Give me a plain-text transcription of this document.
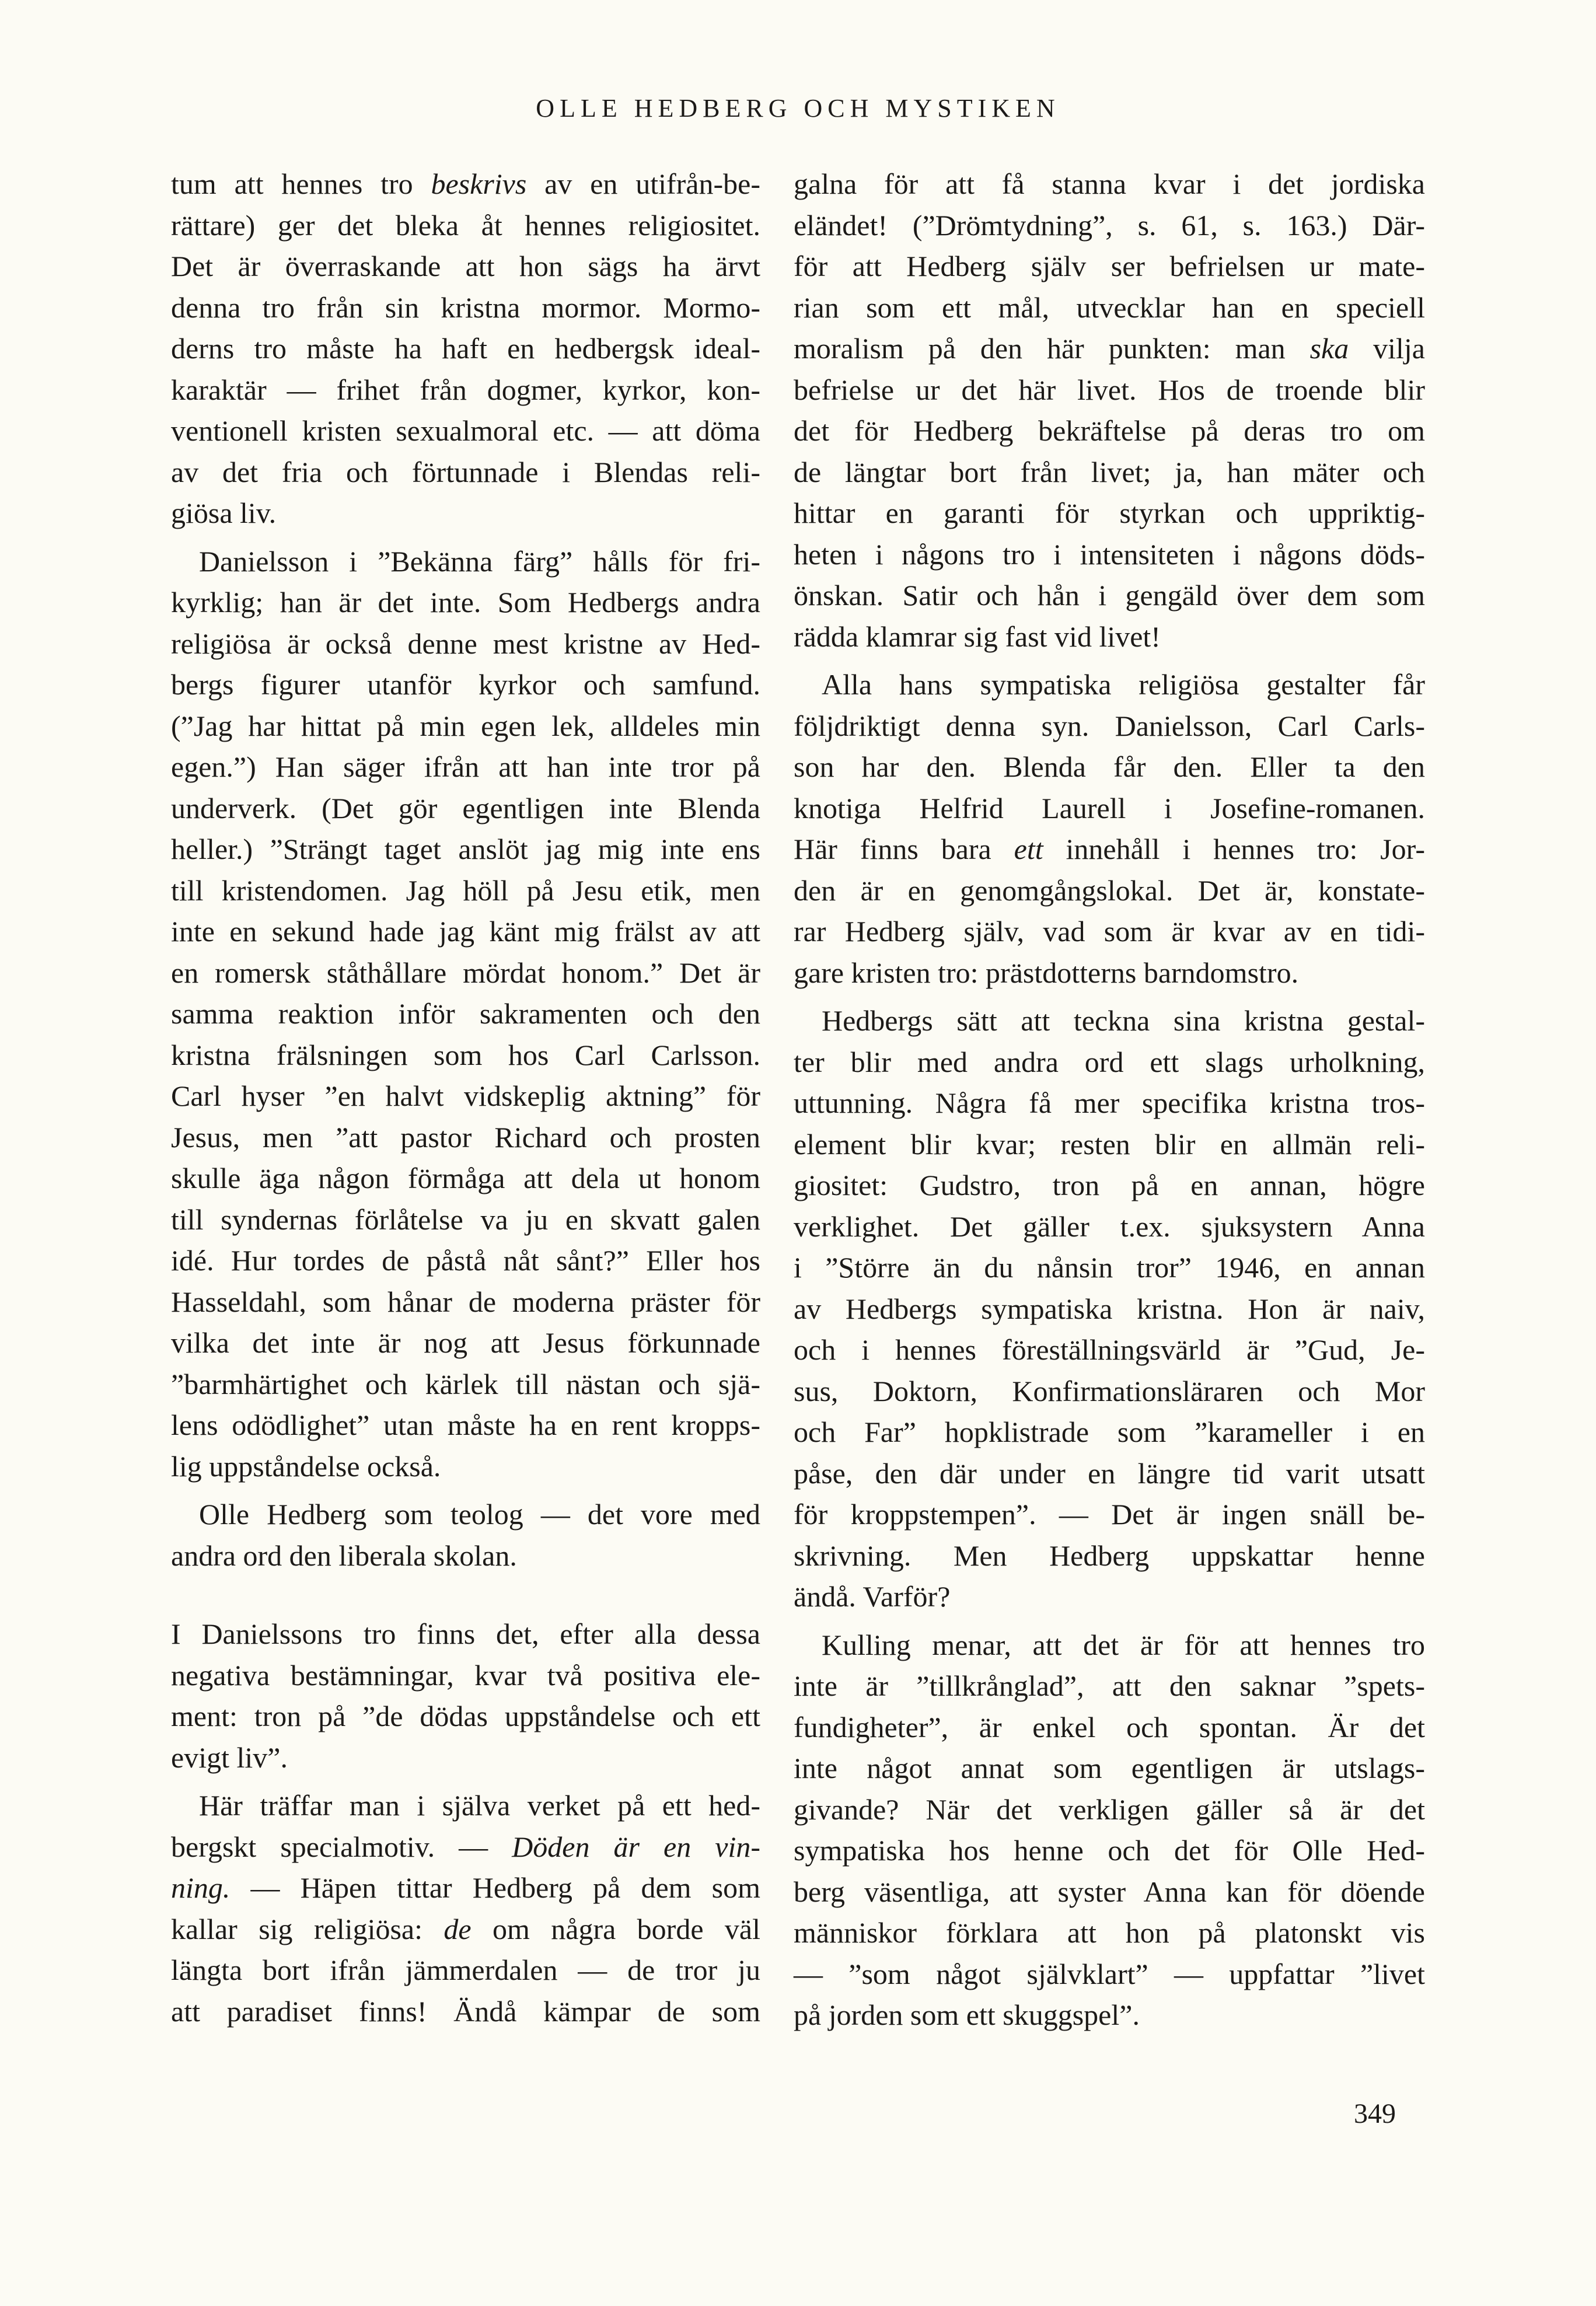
OLLE HEDBERG OCH MYSTIKEN
tum att hennes tro beskrivs av en utifrån-be-
rättare) ger det bleka åt hennes religiositet.
Det är överraskande att hon sägs ha ärvt
denna tro från sin kristna mormor. Mormo-
derns tro måste ha haft en hedbergsk ideal-
karaktär — frihet från dogmer, kyrkor, kon-
ventionell kristen sexualmoral etc. — att döma
av det fria och förtunnade i Blendas reli-
giösa liv.
Danielsson i ”Bekänna färg” hålls för fri-
kyrklig; han är det inte. Som Hedbergs andra
religiösa är också denne mest kristne av Hed-
bergs figurer utanför kyrkor och samfund.
(”Jag har hittat på min egen lek, alldeles min
egen.”) Han säger ifrån att han inte tror på
underverk. (Det gör egentligen inte Blenda
heller.) ”Strängt taget anslöt jag mig inte ens
till kristendomen. Jag höll på Jesu etik, men
inte en sekund hade jag känt mig frälst av att
en romersk ståthållare mördat honom.” Det är
samma reaktion inför sakramenten och den
kristna frälsningen som hos Carl Carlsson.
Carl hyser ”en halvt vidskeplig aktning” för
Jesus, men ”att pastor Richard och prosten
skulle äga någon förmåga att dela ut honom
till syndernas förlåtelse va ju en skvatt galen
idé. Hur tordes de påstå nåt sånt?” Eller hos
Hasseldahl, som hånar de moderna präster för
vilka det inte är nog att Jesus förkunnade
”barmhärtighet och kärlek till nästan och sjä-
lens odödlighet” utan måste ha en rent kropps-
lig uppståndelse också.
Olle Hedberg som teolog — det vore med
andra ord den liberala skolan.
I Danielssons tro finns det, efter alla dessa
negativa bestämningar, kvar två positiva ele-
ment: tron på ”de dödas uppståndelse och ett
evigt liv”.
Här träffar man i själva verket på ett hed-
bergskt specialmotiv. — Döden är en vin-
ning. — Häpen tittar Hedberg på dem som
kallar sig religiösa: de om några borde väl
längta bort ifrån jämmerdalen — de tror ju
att paradiset finns! Ändå kämpar de som
galna för att få stanna kvar i det jordiska
eländet! (”Drömtydning”, s. 61, s. 163.) Där-
för att Hedberg själv ser befrielsen ur mate-
rian som ett mål, utvecklar han en speciell
moralism på den här punkten: man ska vilja
befrielse ur det här livet. Hos de troende blir
det för Hedberg bekräftelse på deras tro om
de längtar bort från livet; ja, han mäter och
hittar en garanti för styrkan och uppriktig-
heten i någons tro i intensiteten i någons döds-
önskan. Satir och hån i gengäld över dem som
rädda klamrar sig fast vid livet!
Alla hans sympatiska religiösa gestalter får
följdriktigt denna syn. Danielsson, Carl Carls-
son har den. Blenda får den. Eller ta den
knotiga Helfrid Laurell i Josefine-romanen.
Här finns bara ett innehåll i hennes tro: Jor-
den är en genomgångslokal. Det är, konstate-
rar Hedberg själv, vad som är kvar av en tidi-
gare kristen tro: prästdotterns barndomstro.
Hedbergs sätt att teckna sina kristna gestal-
ter blir med andra ord ett slags urholkning,
uttunning. Några få mer specifika kristna tros-
element blir kvar; resten blir en allmän reli-
giositet: Gudstro, tron på en annan, högre
verklighet. Det gäller t.ex. sjuksystern Anna
i ”Större än du nånsin tror” 1946, en annan
av Hedbergs sympatiska kristna. Hon är naiv,
och i hennes föreställningsvärld är ”Gud, Je-
sus, Doktorn, Konfirmationsläraren och Mor
och Far” hopklistrade som ”karameller i en
påse, den där under en längre tid varit utsatt
för kroppstempen”. — Det är ingen snäll be-
skrivning. Men Hedberg uppskattar henne
ändå. Varför?
Kulling menar, att det är för att hennes tro
inte är ”tillkrånglad”, att den saknar ”spets-
fundigheter”, är enkel och spontan. Är det
inte något annat som egentligen är utslags-
givande? När det verkligen gäller så är det
sympatiska hos henne och det för Olle Hed-
berg väsentliga, att syster Anna kan för döende
människor förklara att hon på platonskt vis
— ”som något självklart” — uppfattar ”livet
på jorden som ett skuggspel”.
349
